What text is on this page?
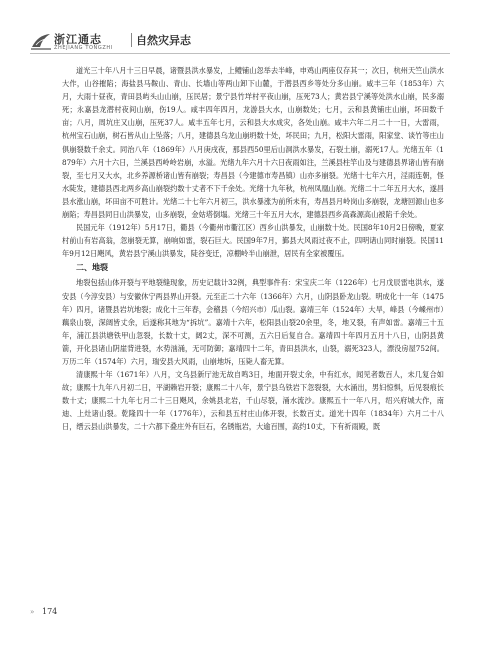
浙江通志
ZHEJIANG TONGZHI
自然灾异志

道光三十年八月十三日早晨，诸暨县洪水暴发，上鳢铺山忽举去半峰，申鸡山两座仅存其一；次日，杭州天竺山洪水大作，山谷摧陷；海盐县马鞍山、青山、长墙山等两山卸下山麓，于潜县西乡等处分多山崩。咸丰三年（1853年）六月，大雨十昼夜，青田县屿头山山崩，压民居；景宁县竹垟村平夜山崩，压死73人；黄岩县宁溪等处洪水山崩，民多溺死；永嘉县龙潜村夜间山崩，伤19人。咸丰四年四月，龙游县大水，山崩数处；七月，云和县黄铺庄山崩，坏田数千亩；八月，周坑庄又山崩，压死37人。咸丰五年七月，云和县大水成灾，各处山崩。咸丰六年二月二十一日，大雷雨，杭州宝石山崩，树石皆从山上坠落；八月，建德县乌龙山崩坍数十处，坏民田；九月，松阳大雷雨，阳家堂、谈竹等庄山俱崩裂数千余丈。同治八年（1869年）八月庚戌夜，那县西50里后山洞洪水暴发，石裂土崩，溺死17人。光绪五年（1879年）六月十六日，兰溪县西岭岭岩崩，水溢。光绪九年六月十六日夜雨如注，兰溪县柱竿山及与建德县界诸山皆有崩裂，至七月又大水，北乡养源桥诸山皆有崩裂；寿昌县（今建德市寿昌镇）山亦多崩裂。光绪十七年六月，淫雨连朝，怪水陡发，建德县西北两乡高山崩裂约数十丈者不下千余处。光绪十九年秋，杭州凤凰山崩。光绪二十二年五月大水，遂昌县水涨山崩，坏田亩不可胜计。光绪二十七年六月初三，洪水暴涨为前所未有，寿昌县月岭岗山多崩裂，龙塘回源山也多崩陷；寿昌县同日山洪暴发，山多崩裂，金姑塔倒塌。光绪三十年五月大水，建德县西乡高森源高山被陷千余处。

民国元年（1912年）5月17日，衢县（今衢州市衢江区）西乡山洪暴发，山崩数十处。民国8年10月2日傍晚，夏家村前山有岩高翁，忽崩裂无算，崩响如雷，裂石巨大。民国9年7月，鄞县大风雨过夜不止，四明诸山同时崩裂。民国11年9月12日飓风，黄岩县宁溪山洪暴发，陡谷变迁，凉棚岭半山崩泄，居民有全家被覆压。

二、地裂

地裂包括山体开裂与平地裂缝现象，历史记载计32例，典型事件有：宋宝庆二年（1226年）七月戊辰雷电洪水，遂安县（今淳安县）与安徽休宁两县界山开裂。元至正二十六年（1366年）六月，山阴县卧龙山裂。明成化十一年（1475年）四月，诸暨县岩坑地裂；成化十三年春，会稽县（今绍兴市）瓜山裂。嘉靖三年（1524年）大旱，峰县（今嵊州市）藕泉山裂，深阔皆丈余，后遂称其地为“拆坑”。嘉靖十六年，松阳县山裂20余里，冬，地又裂，有声如雷。嘉靖三十五年，浦江县洪塘铁甲山忽裂，长数十丈，阔2丈，深不可测，五六日后复自合。嘉靖四十年四月五月十八日，山阴县黄箭，开化县诸山阴崖背进裂，水势汹涌，无可防御；嘉靖四十二年，青田县洪水，山裂，溺死323人，漂没房屋752间。万历二年（1574年）六月，瑞安县大风雨，山崩地坼，压毙人畜无算。

清康熙十年（1671年）八月，文乌县新厅池无故自鸣3日，地面开裂丈余，中有红水，闻见者数百人，未几复合如故；康熙十九年八月初二日，平湖赖岩开裂；康熙二十八年，景宁县乌铁岩下忽裂裂，大水涌出，男妇惊惧，后见裂痕长数十丈；康熙二十九年七月二十三日飓风，余姚县北岩，千山尽裂，涌水流沙。康熙五十一年八月，绍兴府城大作，南迪、上灶诸山裂。乾隆四十一年（1776年），云和县五村庄山体开裂，长数百丈。道光十四年（1834年）六月二十八日，缙云县山洪暴发，二十六都下叠庄外有巨石，名锈瓶岩，大逾百围，高约10丈，下有祈雨殿，既

» 174
